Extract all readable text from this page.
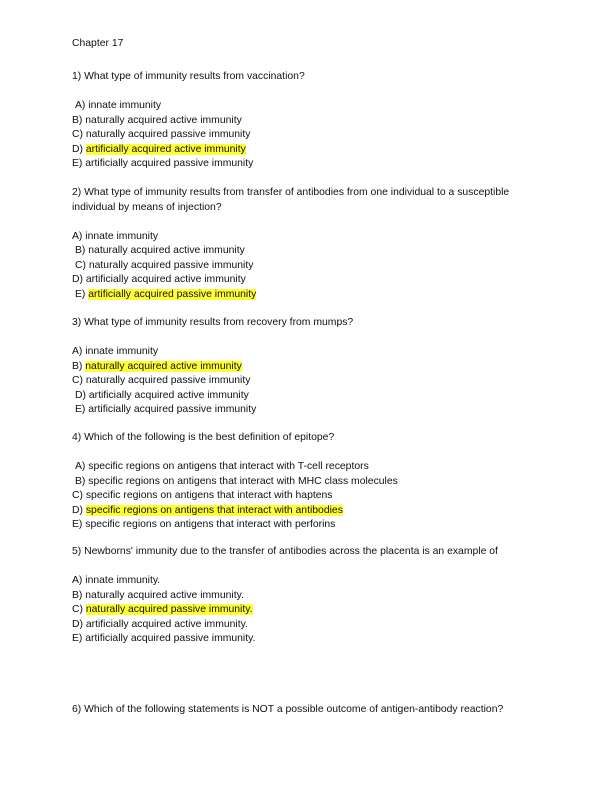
Chapter 17

1) What type of immunity results from vaccination?

A) innate immunity
B) naturally acquired active immunity
C) naturally acquired passive immunity
D) artificially acquired active immunity
E) artificially acquired passive immunity

2) What type of immunity results from transfer of antibodies from one individual to a susceptible individual by means of injection?

A) innate immunity
B) naturally acquired active immunity
C) naturally acquired passive immunity
D) artificially acquired active immunity
E) artificially acquired passive immunity

3) What type of immunity results from recovery from mumps?

A) innate immunity
B) naturally acquired active immunity
C) naturally acquired passive immunity
D) artificially acquired active immunity
E) artificially acquired passive immunity

4) Which of the following is the best definition of epitope?

A) specific regions on antigens that interact with T-cell receptors
B) specific regions on antigens that interact with MHC class molecules
C) specific regions on antigens that interact with haptens
D) specific regions on antigens that interact with antibodies
E) specific regions on antigens that interact with perforins

5) Newborns' immunity due to the transfer of antibodies across the placenta is an example of

A) innate immunity.
B) naturally acquired active immunity.
C) naturally acquired passive immunity.
D) artificially acquired active immunity.
E) artificially acquired passive immunity.

6) Which of the following statements is NOT a possible outcome of antigen-antibody reaction?
